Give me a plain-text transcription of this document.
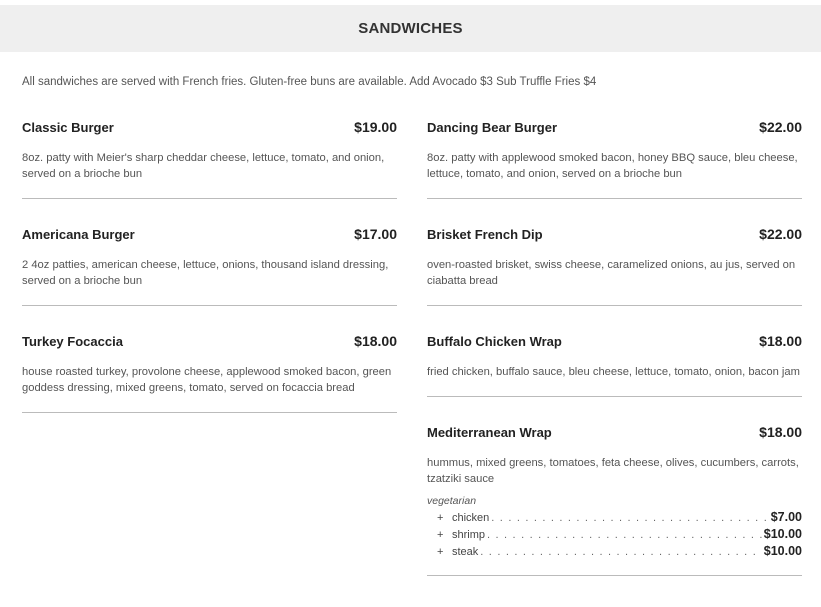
SANDWICHES

All sandwiches are served with French fries. Gluten-free buns are available. Add Avocado $3 Sub Truffle Fries $4

Classic Burger	$19.00

8oz. patty with Meier's sharp cheddar cheese, lettuce, tomato, and onion, served on a brioche bun

Americana Burger	$17.00

2 4oz patties, american cheese, lettuce, onions, thousand island dressing, served on a brioche bun

Turkey Focaccia	$18.00

house roasted turkey, provolone cheese, applewood smoked bacon, green goddess dressing, mixed greens, tomato, served on focaccia bread

Dancing Bear Burger	$22.00

8oz. patty with applewood smoked bacon, honey BBQ sauce, bleu cheese, lettuce, tomato, and onion, served on a brioche bun

Brisket French Dip	$22.00

oven-roasted brisket, swiss cheese, caramelized onions, au jus, served on ciabatta bread

Buffalo Chicken Wrap	$18.00

fried chicken, buffalo sauce, bleu cheese, lettuce, tomato, onion, bacon jam

Mediterranean Wrap	$18.00

hummus, mixed greens, tomatoes, feta cheese, olives, cucumbers, carrots, tzatziki sauce

vegetarian
+ chicken . . .	$7.00
+ shrimp . . .	$10.00
+ steak . . .	$10.00
